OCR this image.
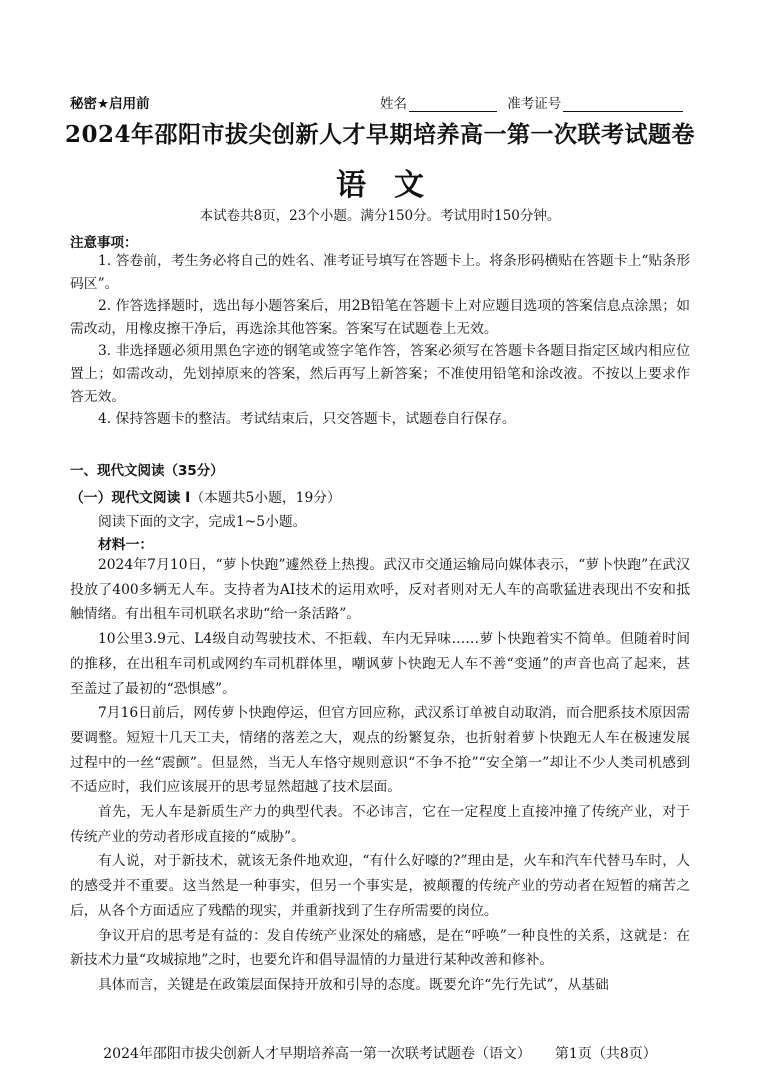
秘密★启用前	姓名	准考证号
2024年邵阳市拔尖创新人才早期培养高一第一次联考试题卷
语文
本试卷共8页，23个小题。满分150分。考试用时150分钟。
注意事项：

1. 答卷前，考生务必将自己的姓名、准考证号填写在答题卡上。将条形码横贴在答题卡上“贴条形码区”。

2. 作答选择题时，选出每小题答案后，用2B铅笔在答题卡上对应题目选项的答案信息点涂黑；如需改动，用橡皮擦干净后，再选涂其他答案。答案写在试题卷上无效。

3. 非选择题必须用黑色字迹的钢笔或签字笔作答，答案必须写在答题卡各题目指定区域内相应位置上；如需改动，先划掉原来的答案，然后再写上新答案；不准使用铅笔和涂改液。不按以上要求作答无效。

4. 保持答题卡的整洁。考试结束后，只交答题卡，试题卷自行保存。

一、现代文阅读（35分）
（一）现代文阅读 I（本题共5小题，19分）
阅读下面的文字，完成1~5小题。
材料一：

2024年7月10日，“萝卜快跑”遽然登上热搜。武汉市交通运输局向媒体表示，“萝卜快跑”在武汉投放了400多辆无人车。支持者为AI技术的运用欢呼，反对者则对无人车的高歌猛进表现出不安和抵触情绪。有出租车司机联名求助“给一条活路”。

10公里3.9元、L4级自动驾驶技术、不拒载、车内无异味……萝卜快跑着实不简单。但随着时间的推移，在出租车司机或网约车司机群体里，嘲讽萝卜快跑无人车不善“变通”的声音也高了起来，甚至盖过了最初的“恐惧感”。

7月16日前后，网传萝卜快跑停运，但官方回应称，武汉系订单被自动取消，而合肥系技术原因需要调整。短短十几天工夫，情绪的落差之大，观点的纷繁复杂，也折射着萝卜快跑无人车在极速发展过程中的一丝“震颤”。但显然，当无人车恪守规则意识“不争不抢”“安全第一”却让不少人类司机感到不适应时，我们应该展开的思考显然超越了技术层面。

首先，无人车是新质生产力的典型代表。不必讳言，它在一定程度上直接冲撞了传统产业，对于传统产业的劳动者形成直接的“威胁”。

有人说，对于新技术，就该无条件地欢迎，“有什么好嚎的?”理由是，火车和汽车代替马车时，人的感受并不重要。这当然是一种事实，但另一个事实是，被颠覆的传统产业的劳动者在短暂的痛苦之后，从各个方面适应了残酷的现实，并重新找到了生存所需要的岗位。

争议开启的思考是有益的：发自传统产业深处的痛感，是在“呼唤”一种良性的关系，这就是：在新技术力量“攻城掠地”之时，也要允许和倡导温情的力量进行某种改善和修补。

具体而言，关键是在政策层面保持开放和引导的态度。既要允许“先行先试”，从基础

2024年邵阳市拔尖创新人才早期培养高一第一次联考试题卷（语文） 第1页（共8页）
